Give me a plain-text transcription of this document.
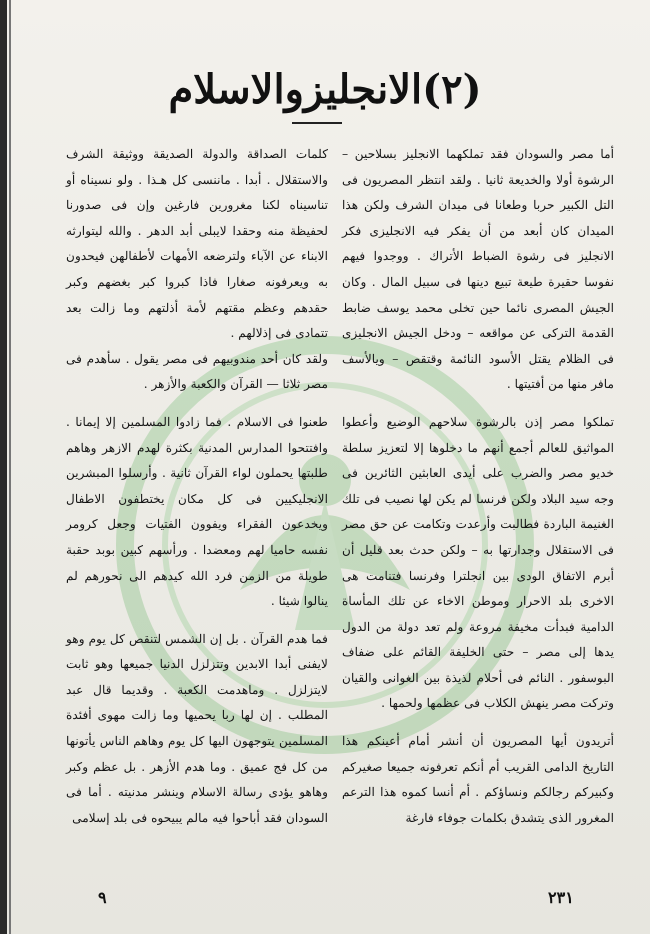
(٢)الانجليزوالاسلام

أما مصر والسودان فقد تملكهما الانجليز بسلاحين – الرشوة أولا والخديعة ثانيا . ولقد انتظر المصريون فى التل الكبير حربا وطعانا فى ميدان الشرف ولكن هذا الميدان كان أبعد من أن يفكر فيه الانجليزى فكر الانجليز فى رشوة الضباط الأتراك . ووجدوا فيهم نفوسا حقيرة طيعة تبيع دينها فى سبيل المال . وكان الجيش المصرى نائما حين تخلى محمد يوسف ضابط القدمة التركى عن مواقعه – ودخل الجيش الانجليزى فى الظلام يقتل الأسود النائمة وقتقص – ويالأسف مافر منها من أفتيتها .

تملكوا مصر إذن بالرشوة سلاحهم الوضيع وأعطوا المواثيق للعالم أجمع أنهم ما دخلوها إلا لتعزيز سلطة خديو مصر والضرب على أيدى العابثين الثائرين فى وجه سيد البلاد ولكن فرنسا لم يكن لها نصيب فى تلك الغنيمة الباردة فطالبت وأرعدت وتكامت عن حق مصر فى الاستقلال وجدارتها به – ولكن حدث بعد قليل أن أبرم الاتفاق الودى بين انجلترا وفرنسا فتنامت هى الاخرى بلد الاحرار وموطن الاخاء عن تلك المأساة الدامية فبدأت مخيفة مروعة ولم تعد دولة من الدول يدها إلى مصر – حتى الخليفة القائم على ضفاف البوسفور . النائم فى أحلام لذيذة بين الغوانى والقيان وتركت مصر ينهش الكلاب فى عظمها ولحمها .

أتريدون أيها المصريون أن أنشر أمام أعينكم هذا التاريخ الدامى القريب أم أنكم تعرفونه جميعا صغيركم وكبيركم رجالكم ونساؤكم . أم أنسا كموه هذا الترعم المغرور الذى يتشدق بكلمات جوفاء فارغة

كلمات الصداقة والدولة الصديقة ووثيقة الشرف والاستقلال . أبدا . ماننسى كل هـذا . ولو نسيناه أو تناسيناه لكنا مغرورين فارغين وإن فى صدورنا لحفيظة منه وحقدا لايبلى أبد الدهر . والله ليتوارثه الابناء عن الآباء ولترضعه الأمهات لأطفالهن فيحدون به ويعرفونه صغارا فاذا كبروا كبر بغضهم وكبر حقدهم وعظم مقتهم لأمة أذلتهم وما زالت بعد تتمادى فى إذلالهم .

ولقد كان أحد مندوبيهم فى مصر يقول . سأهدم فى مصر ثلاثا — القرآن والكعبة والأزهر .

طعنوا فى الاسلام . فما زادوا المسلمين إلا إيمانا . وافتتحوا المدارس المدنية بكثرة لهدم الازهر وهاهم طلبتها يحملون لواء القرآن ثانية . وأرسلوا المبشرين الانجليكيين فى كل مكان يختطفون الاطفال ويخدعون الفقراء ويفوون الفتيات وجعل كرومر نفسه حاميا لهم ومعضدا . ورأسهم كبين بوبد حقبة طويلة من الزمن فرد الله كيدهم الى نحورهم لم ينالوا شيئا .

فما هدم القرآن . بل إن الشمس لتنقص كل يوم وهو لايفنى أبدا الابدين وتتزلزل الدنيا جميعها وهو ثابت لايتزلزل . وماهدمت الكعبة . وقديما قال عبد المطلب . إن لها ربا يحميها وما زالت مهوى أفئدة المسلمين يتوجهون اليها كل يوم وهاهم الناس يأتونها من كل فج عميق . وما هدم الأزهر . بل عظم وكبر وهاهو يؤدى رسالة الاسلام وينشر مدنيته . أما فى السودان فقد أباحوا فيه مالم يبيحوه فى بلد إسلامى

٢٣١
٩
